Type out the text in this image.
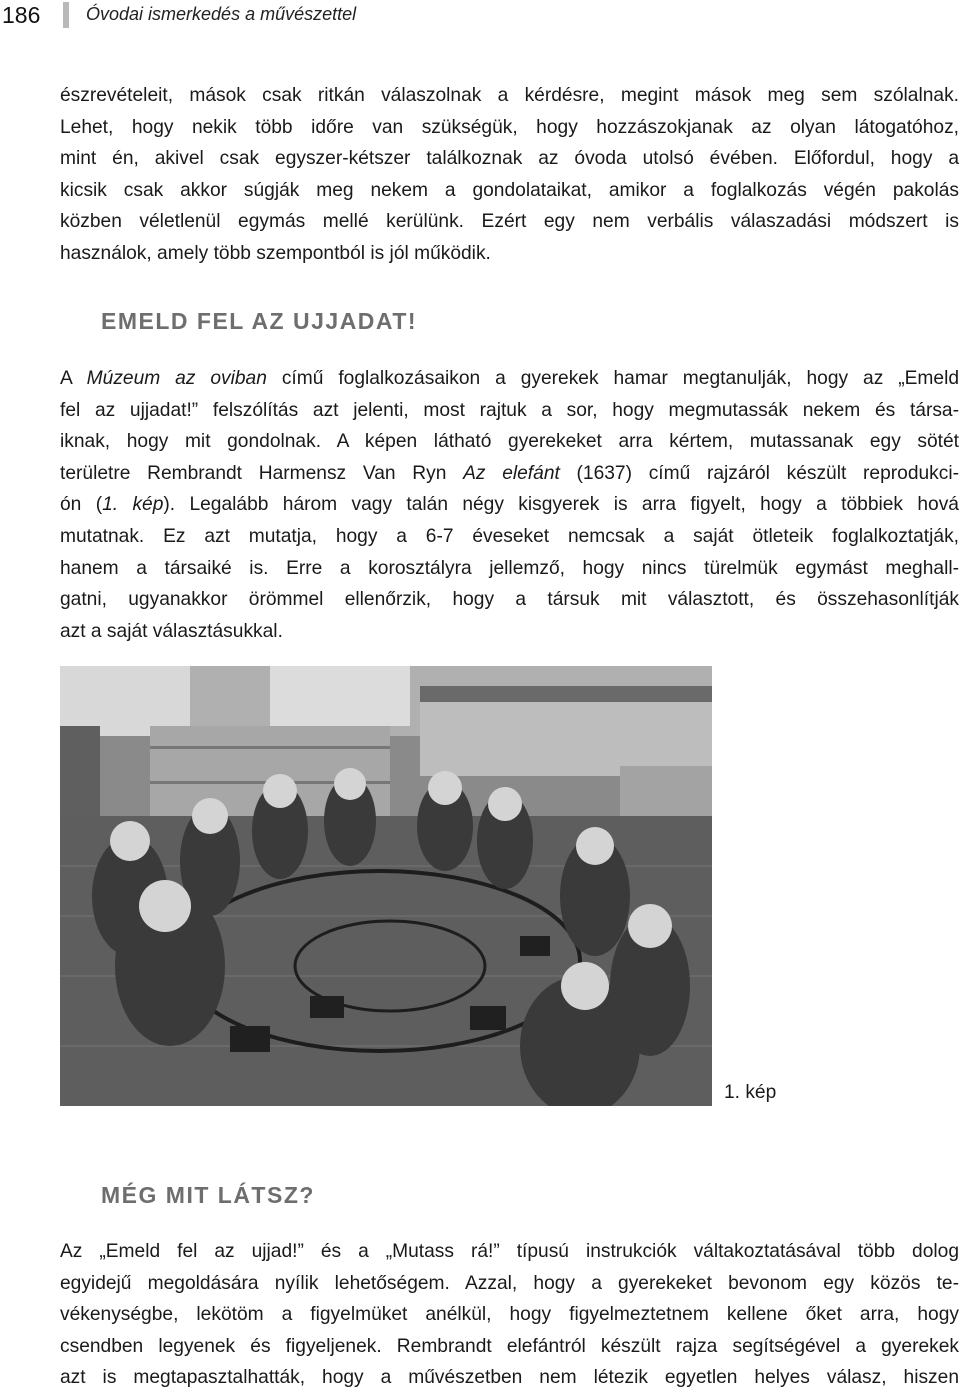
186	Óvodai ismerkedés a művészettel
észrevételeit, mások csak ritkán válaszolnak a kérdésre, megint mások meg sem szólalnak.
Lehet, hogy nekik több időre van szükségük, hogy hozzászokjanak az olyan látogatóhoz,
mint én, akivel csak egyszer-kétszer találkoznak az óvoda utolsó évében. Előfordul, hogy a
kicsik csak akkor súgják meg nekem a gondolataikat, amikor a foglalkozás végén pakolás
közben véletlenül egymás mellé kerülünk. Ezért egy nem verbális válaszadási módszert is
használok, amely több szempontból is jól működik.
EMELD FEL AZ UJJADAT!
A Múzeum az oviban című foglalkozásaikon a gyerekek hamar megtanulják, hogy az „Emeld
fel az ujjadat!” felszólítás azt jelenti, most rajtuk a sor, hogy megmutassák nekem és társa-
iknak, hogy mit gondolnak. A képen látható gyerekeket arra kértem, mutassanak egy sötét
területre Rembrandt Harmensz Van Ryn Az elefánt (1637) című rajzáról készült reprodukci-
ón (1. kép). Legalább három vagy talán négy kisgyerek is arra figyelt, hogy a többiek hová
mutatnak. Ez azt mutatja, hogy a 6-7 éveseket nemcsak a saját ötleteik foglalkoztatják,
hanem a társaiké is. Erre a korosztályra jellemző, hogy nincs türelmük egymást meghall-
gatni, ugyanakkor örömmel ellenőrzik, hogy a társuk mit választott, és összehasonlítják
azt a saját választásukkal.
1. kép
MÉG MIT LÁTSZ?
Az „Emeld fel az ujjad!” és a „Mutass rá!” típusú instrukciók váltakoztatásával több dolog
egyidejű megoldására nyílik lehetőségem. Azzal, hogy a gyerekeket bevonom egy közös te-
vékenységbe, lekötöm a figyelmüket anélkül, hogy figyelmeztetnem kellene őket arra, hogy
csendben legyenek és figyeljenek. Rembrandt elefántról készült rajza segítségével a gyerekek
azt is megtapasztalhatták, hogy a művészetben nem létezik egyetlen helyes válasz, hiszen
